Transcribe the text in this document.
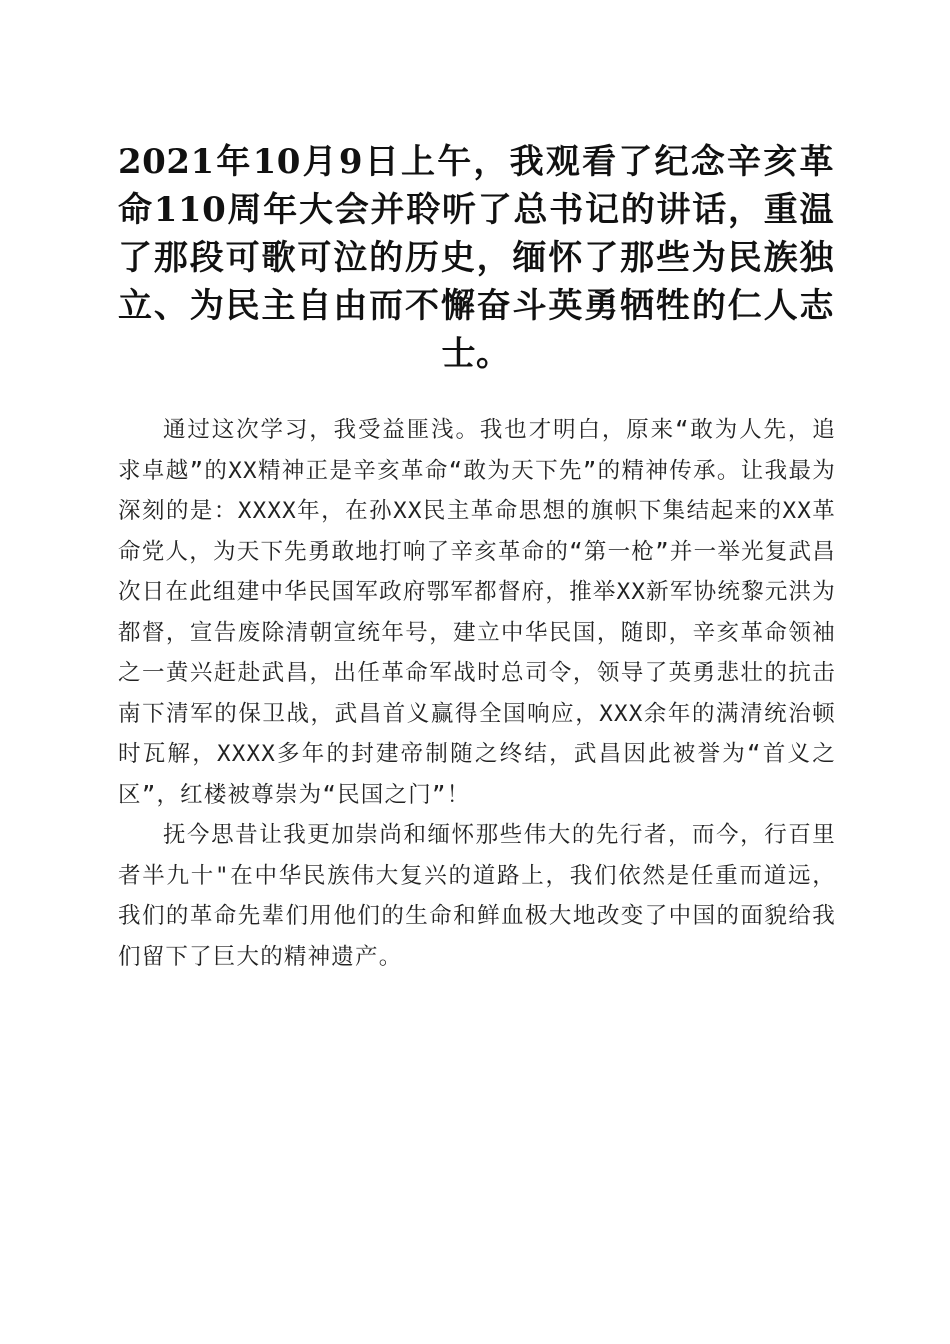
2021年10月9日上午，我观看了纪念辛亥革命110周年大会并聆听了总书记的讲话，重温了那段可歌可泣的历史，缅怀了那些为民族独立、为民主自由而不懈奋斗英勇牺牲的仁人志士。

通过这次学习，我受益匪浅。我也才明白，原来“敢为人先，追求卓越”的XX精神正是辛亥革命“敢为天下先”的精神传承。让我最为深刻的是：XXXX年，在孙XX民主革命思想的旗帜下集结起来的XX革命党人，为天下先勇敢地打响了辛亥革命的“第一枪”并一举光复武昌次日在此组建中华民国军政府鄂军都督府，推举XX新军协统黎元洪为都督，宣告废除清朝宣统年号，建立中华民国，随即，辛亥革命领袖之一黄兴赶赴武昌，出任革命军战时总司令，领导了英勇悲壮的抗击南下清军的保卫战，武昌首义赢得全国响应，XXX余年的满清统治顿时瓦解，XXXX多年的封建帝制随之终结，武昌因此被誉为“首义之区”，红楼被尊崇为“民国之门”！

抚今思昔让我更加崇尚和缅怀那些伟大的先行者，而今，行百里者半九十"在中华民族伟大复兴的道路上，我们依然是任重而道远，我们的革命先辈们用他们的生命和鲜血极大地改变了中国的面貌给我们留下了巨大的精神遗产。
